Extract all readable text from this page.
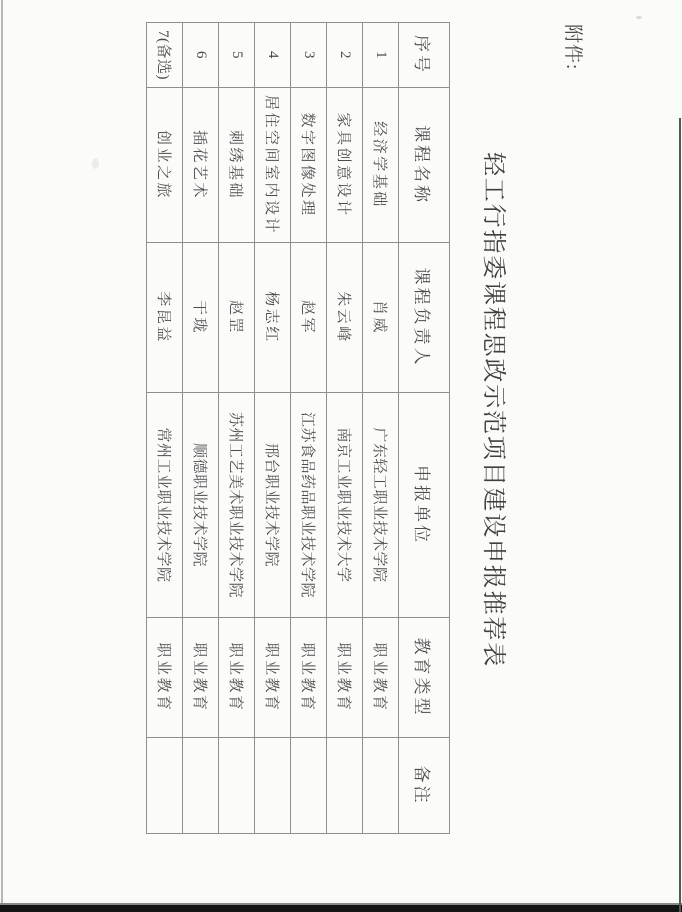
附件:
轻工行指委课程思政示范项目建设申报推荐表
序号	课程名称	课程负责人	申报单位	教育类型	备注
1	经济学基础	肖威	广东轻工职业技术学院	职业教育	
2	家具创意设计	朱云峰	南京工业职业技术大学	职业教育	
3	数字图像处理	赵军	江苏食品药品职业技术学院	职业教育	
4	居住空间室内设计	杨志红	邢台职业技术学院	职业教育	
5	刺绣基础	赵罡	苏州工艺美术职业技术学院	职业教育	
6	插花艺术	干珑	顺德职业技术学院	职业教育	
7(备选)	创业之旅	李昆益	常州工业职业技术学院	职业教育	
